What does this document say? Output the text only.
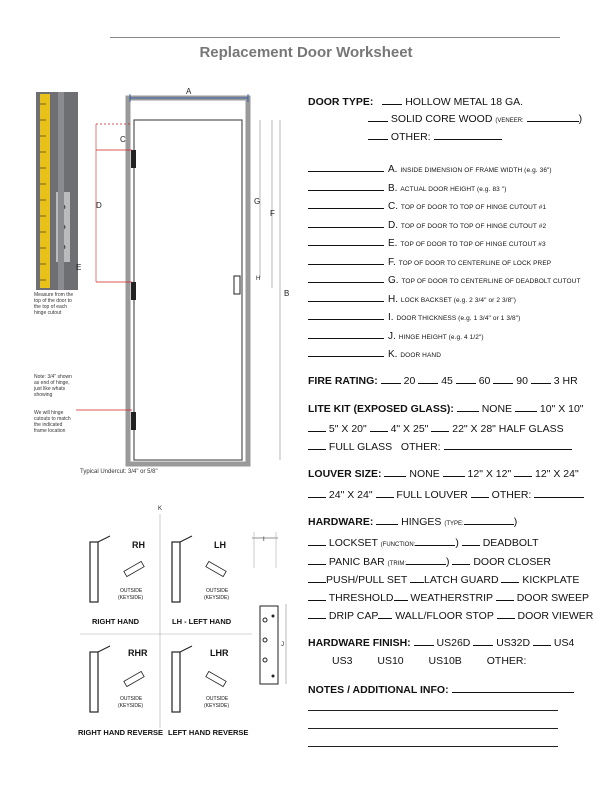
Replacement Door Worksheet
Measure from the top of the door to the top of each hinge cutout
Note: 3/4" shown as end of hinge, just like whats showing
We will hinge cutouts to match the indicated frame location
A
C
D
E
G
F
B
H
Typical Undercut: 3/4" or 5/8"
K
RH	LH
RHR	LHR
OUTSIDE
(KEYSIDE)
OUTSIDE
(KEYSIDE)
OUTSIDE
(KEYSIDE)
OUTSIDE
(KEYSIDE)
RIGHT HAND	LH - LEFT HAND
RIGHT HAND REVERSE LEFT HAND REVERSE
I
J
DOOR TYPE:	HOLLOW METAL 18 GA.
SOLID CORE WOOD (VENEER:	)
OTHER:
A. INSIDE DIMENSION OF FRAME WIDTH (e.g. 36")
B. ACTUAL DOOR HEIGHT (e.g. 83 ")
C. TOP OF DOOR TO TOP OF HINGE CUTOUT #1
D. TOP OF DOOR TO TOP OF HINGE CUTOUT #2
E. TOP OF DOOR TO TOP OF HINGE CUTOUT #3
F. TOP OF DOOR TO CENTERLINE OF LOCK PREP
G. TOP OF DOOR TO CENTERLINE OF DEADBOLT CUTOUT
H. LOCK BACKSET (e.g. 2 3/4" or 2 3/8")
I. DOOR THICKNESS (e.g. 1 3/4" or 1 3/8")
J. HINGE HEIGHT (e.g. 4 1/2")
K. DOOR HAND
FIRE RATING: 20 45 60 90 3 HR
LITE KIT (EXPOSED GLASS):	NONE	10" X 10"
5" X 20" 4" X 25" 22" X 28" HALF GLASS
FULL GLASS OTHER:
LOUVER SIZE:	NONE	12" X 12" 12" X 24"
24" X 24" FULL LOUVER OTHER:
HARDWARE:	HINGES (TYPE:	)
LOCKSET (FUNCTION:	) DEADBOLT
PANIC BAR (TRIM:	) DOOR CLOSER
PUSH/PULL SET LATCH GUARD KICKPLATE
THRESHOLD WEATHERSTRIP DOOR SWEEP
DRIP CAP WALL/FLOOR STOP DOOR VIEWER
HARDWARE FINISH: US26D US32D US4
US3 US10 US10B OTHER:
NOTES / ADDITIONAL INFO:
